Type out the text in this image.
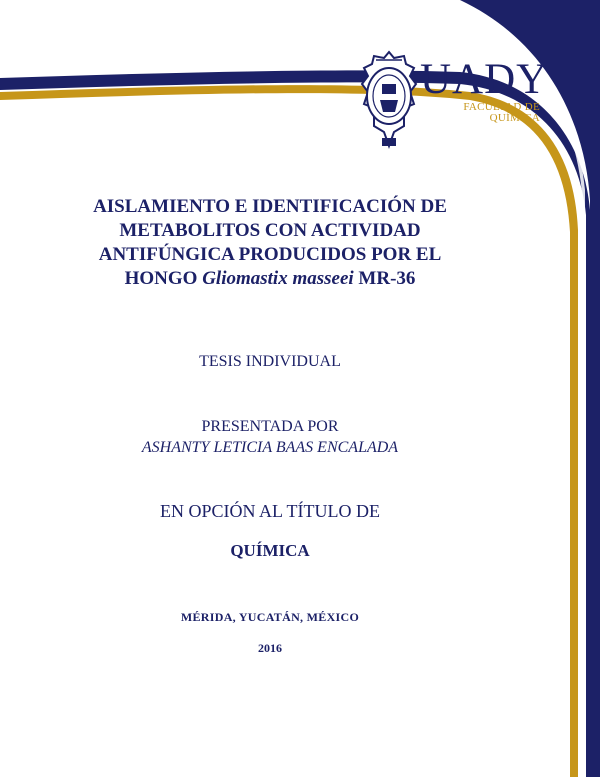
UADY
FACULTAD DE
QUÍMICA
AISLAMIENTO E IDENTIFICACIÓN DE
METABOLITOS CON ACTIVIDAD
ANTIFÚNGICA PRODUCIDOS POR EL
HONGO Gliomastix masseei MR-36
TESIS INDIVIDUAL
PRESENTADA POR
ASHANTY LETICIA BAAS ENCALADA
EN OPCIÓN AL TÍTULO DE
QUÍMICA
MÉRIDA, YUCATÁN, MÉXICO
2016
